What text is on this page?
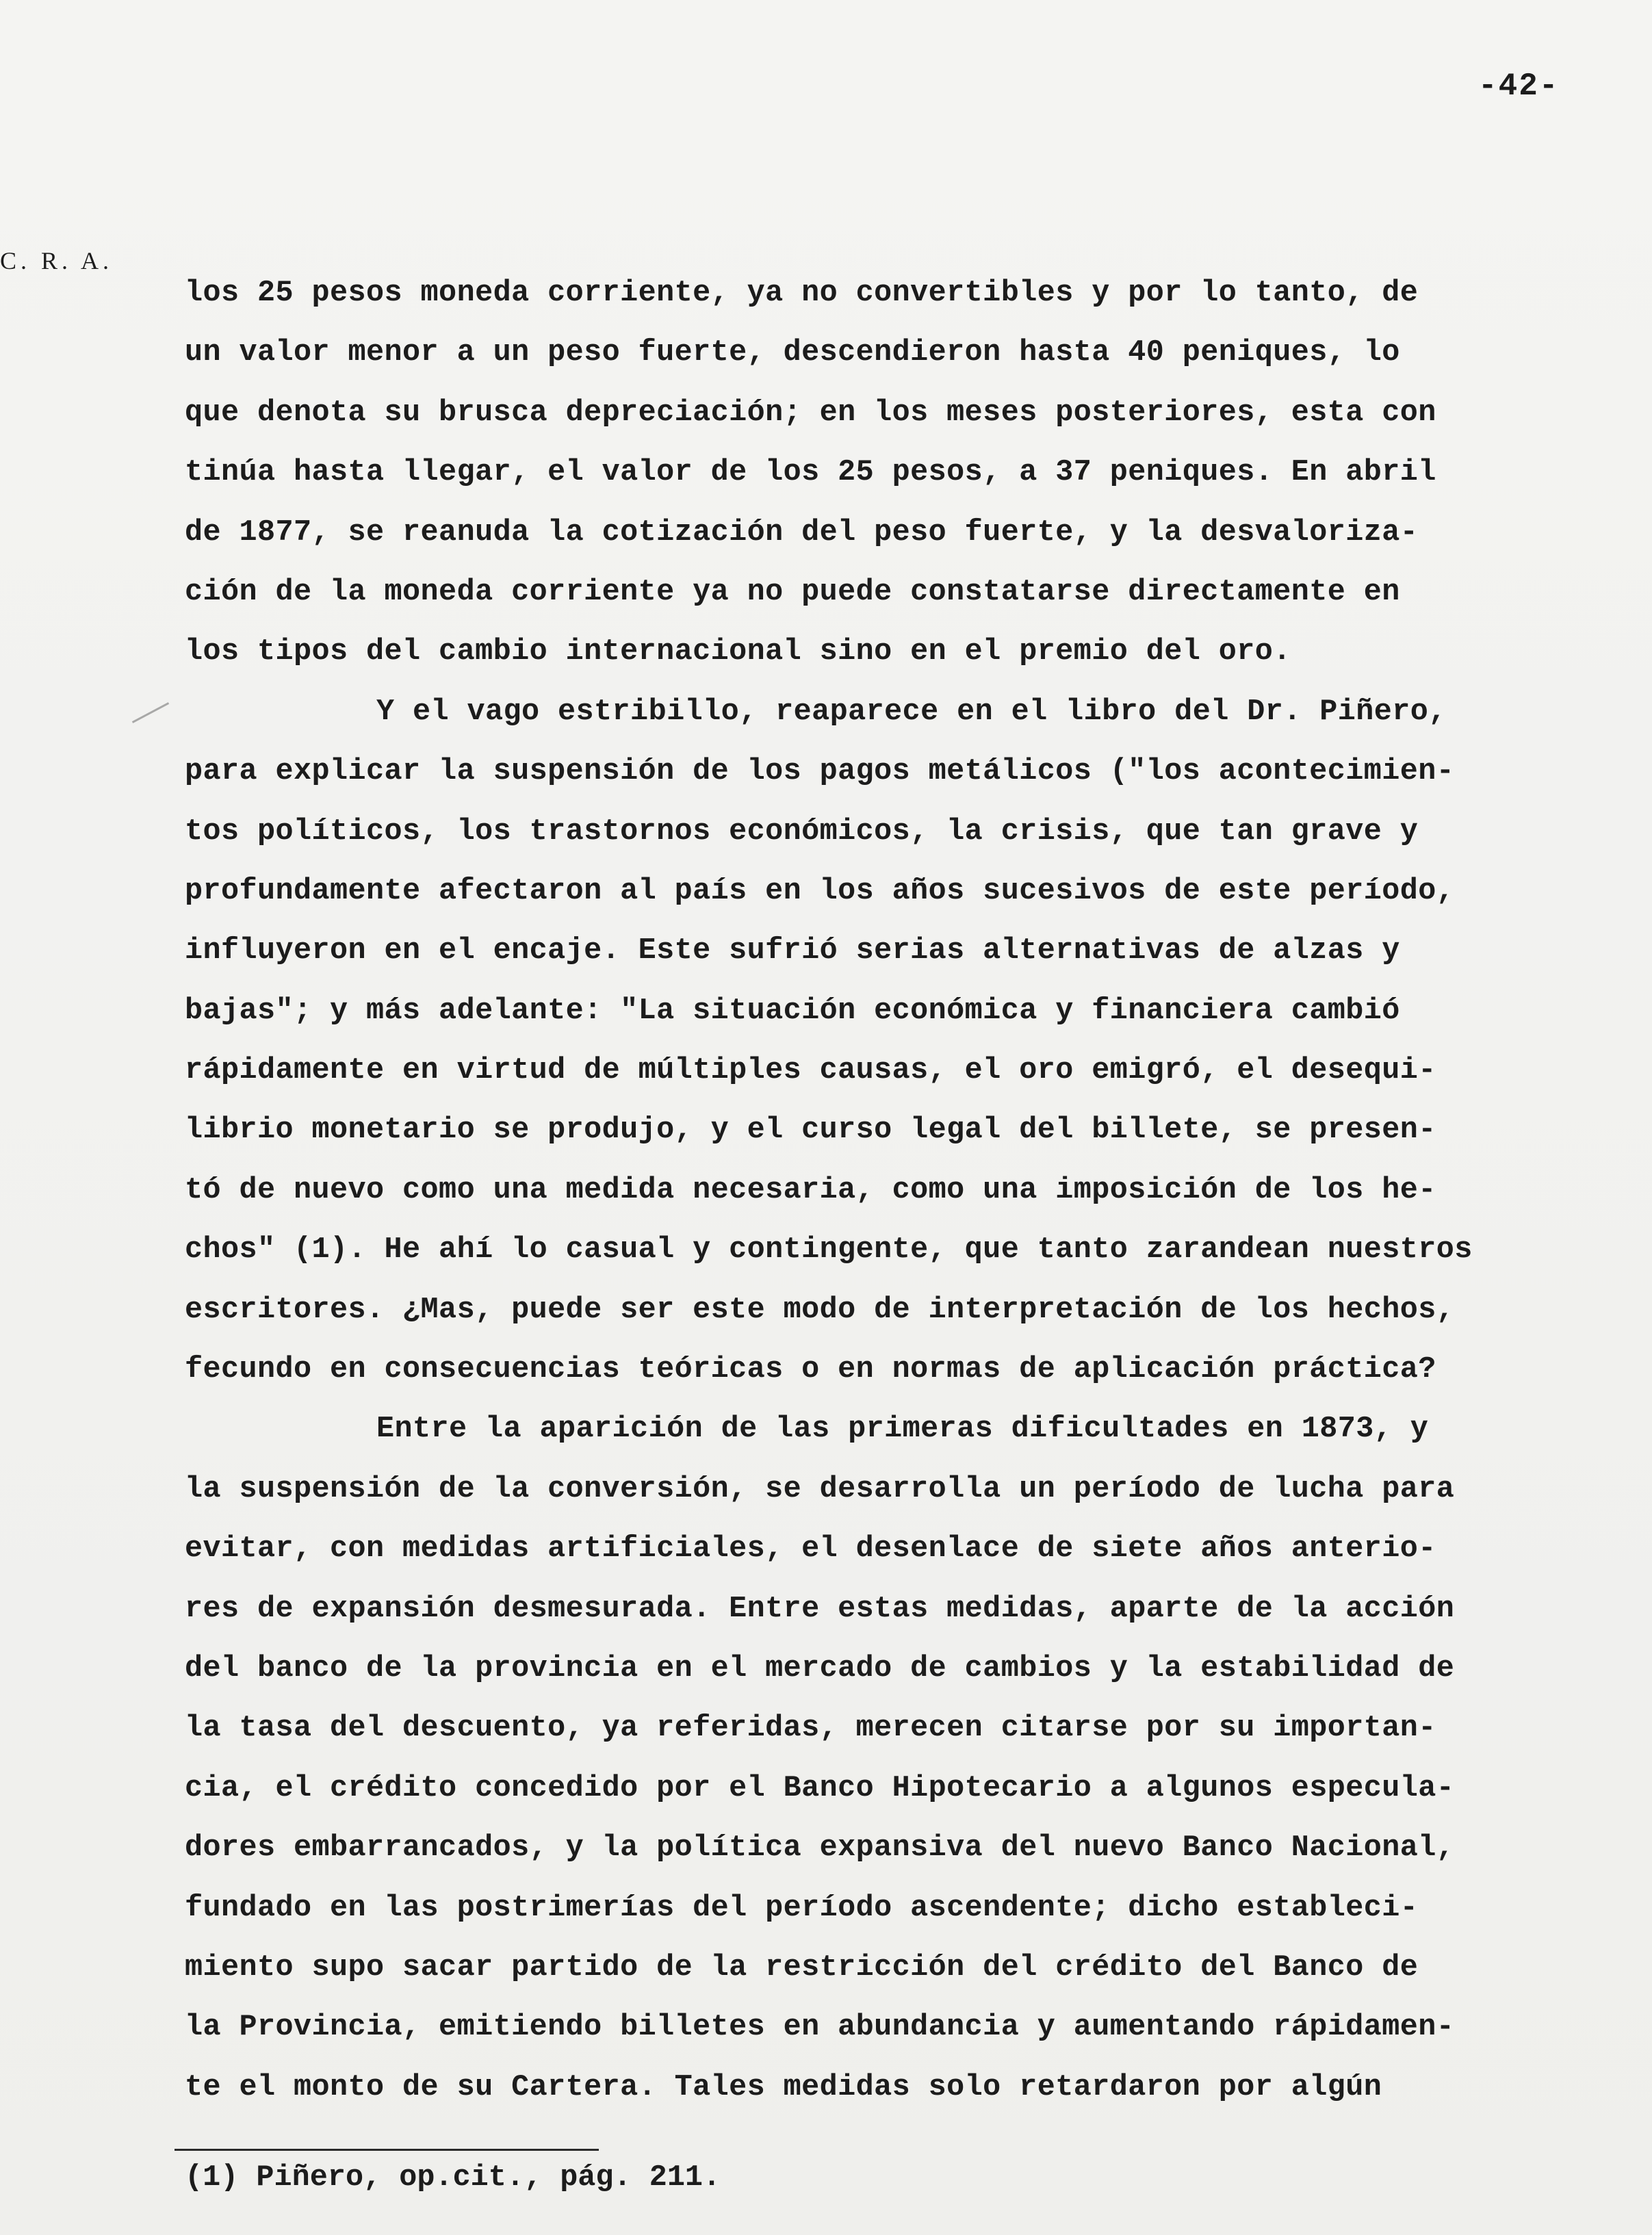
-42-
C. R. A.
los 25 pesos moneda corriente, ya no convertibles y por lo tanto, de
un valor menor a un peso fuerte, descendieron hasta 40 peniques, lo
que denota su brusca depreciación; en los meses posteriores, esta con
tinúa hasta llegar, el valor de los 25 pesos, a 37 peniques. En abril
de 1877, se reanuda la cotización del peso fuerte, y la desvaloriza-
ción de la moneda corriente ya no puede constatarse directamente en
los tipos del cambio internacional sino en el premio del oro.
Y el vago estribillo, reaparece en el libro del Dr. Piñero,
para explicar la suspensión de los pagos metálicos ("los acontecimien-
tos políticos, los trastornos económicos, la crisis, que tan grave y
profundamente afectaron al país en los años sucesivos de este período,
influyeron en el encaje. Este sufrió serias alternativas de alzas y
bajas"; y más adelante: "La situación económica y financiera cambió
rápidamente en virtud de múltiples causas, el oro emigró, el desequi-
librio monetario se produjo, y el curso legal del billete, se presen-
tó de nuevo como una medida necesaria, como una imposición de los he-
chos" (1). He ahí lo casual y contingente, que tanto zarandean nuestros
escritores. ¿Mas, puede ser este modo de interpretación de los hechos,
fecundo en consecuencias teóricas o en normas de aplicación práctica?
Entre la aparición de las primeras dificultades en 1873, y
la suspensión de la conversión, se desarrolla un período de lucha para
evitar, con medidas artificiales, el desenlace de siete años anterio-
res de expansión desmesurada. Entre estas medidas, aparte de la acción
del banco de la provincia en el mercado de cambios y la estabilidad de
la tasa del descuento, ya referidas, merecen citarse por su importan-
cia, el crédito concedido por el Banco Hipotecario a algunos especula-
dores embarrancados, y la política expansiva del nuevo Banco Nacional,
fundado en las postrimerías del período ascendente; dicho estableci-
miento supo sacar partido de la restricción del crédito del Banco de
la Provincia, emitiendo billetes en abundancia y aumentando rápidamen-
te el monto de su Cartera. Tales medidas solo retardaron por algún
(1) Piñero, op.cit., pág. 211.
